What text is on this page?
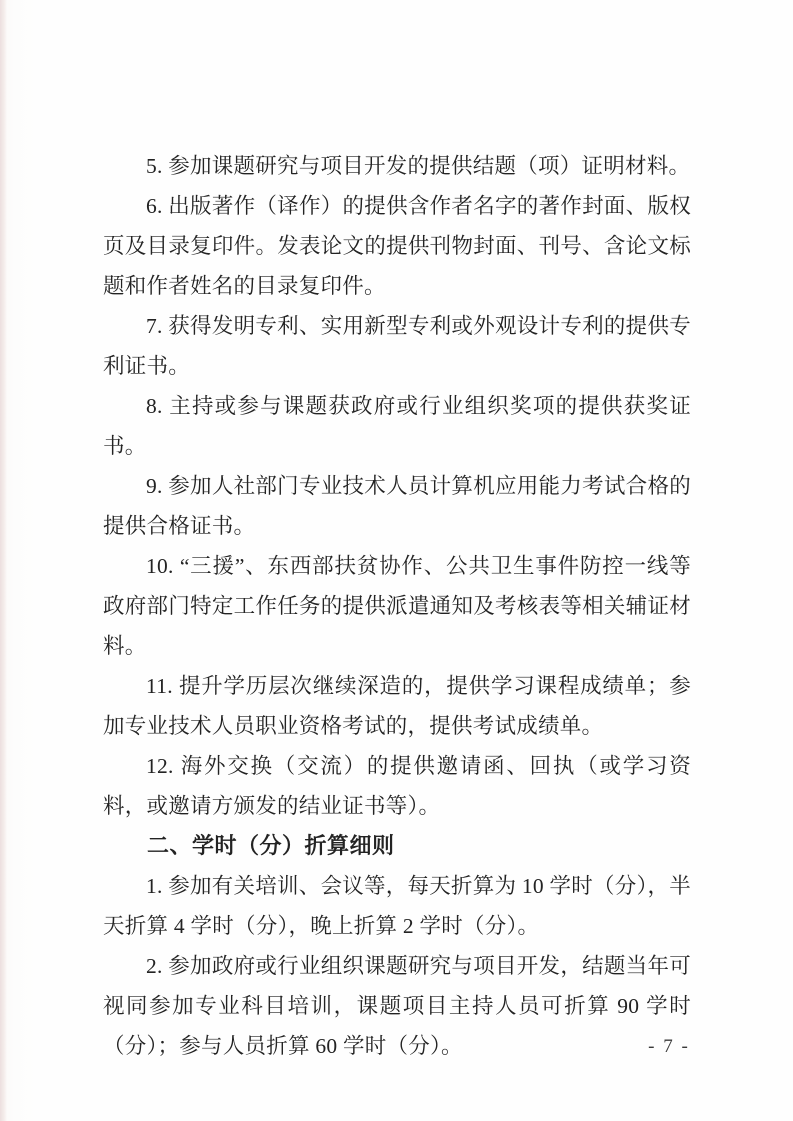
5. 参加课题研究与项目开发的提供结题（项）证明材料。

6. 出版著作（译作）的提供含作者名字的著作封面、版权页及目录复印件。发表论文的提供刊物封面、刊号、含论文标题和作者姓名的目录复印件。

7. 获得发明专利、实用新型专利或外观设计专利的提供专利证书。

8. 主持或参与课题获政府或行业组织奖项的提供获奖证书。

9. 参加人社部门专业技术人员计算机应用能力考试合格的提供合格证书。

10. “三援”、东西部扶贫协作、公共卫生事件防控一线等政府部门特定工作任务的提供派遣通知及考核表等相关辅证材料。

11. 提升学历层次继续深造的，提供学习课程成绩单；参加专业技术人员职业资格考试的，提供考试成绩单。

12. 海外交换（交流）的提供邀请函、回执（或学习资料，或邀请方颁发的结业证书等）。

二、学时（分）折算细则

1. 参加有关培训、会议等，每天折算为 10 学时（分），半天折算 4 学时（分），晚上折算 2 学时（分）。

2. 参加政府或行业组织课题研究与项目开发，结题当年可视同参加专业科目培训，课题项目主持人员可折算 90 学时（分）；参与人员折算 60 学时（分）。	- 7 -
